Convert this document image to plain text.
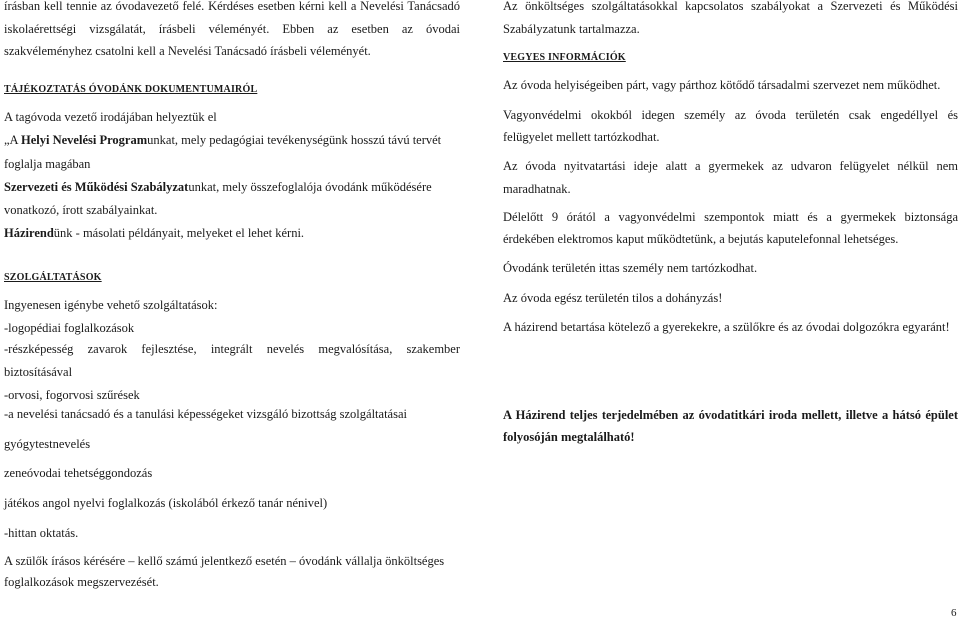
írásban kell tennie az óvodavezető felé. Kérdéses esetben kérni kell a Nevelési Tanácsadó
iskolaérettségi vizsgálatát, írásbeli véleményét. Ebben az esetben az óvodai
szakvéleményhez csatolni kell a Nevelési Tanácsadó írásbeli véleményét.
TÁJÉKOZTATÁS ÓVODÁNK DOKUMENTUMAIRÓL
A tagóvoda vezető irodájában helyeztük el
„A Helyi Nevelési Programunkat, mely pedagógiai tevékenységünk hosszú távú tervét
foglalja magában
Szervezeti és Működési Szabályzatunkat, mely összefoglalója óvodánk működésére
vonatkozó, írott szabályainkat.
Házirendünk - másolati példányait, melyeket el lehet kérni.
SZOLGÁLTATÁSOK
Ingyenesen igénybe vehető szolgáltatások:
-logopédiai foglalkozások
-részképesség zavarok fejlesztése, integrált nevelés megvalósítása, szakember
biztosításával
-orvosi, fogorvosi szűrések
-a nevelési tanácsadó és a tanulási képességeket vizsgáló bizottság szolgáltatásai
gyógytestnevelés
zeneóvodai tehetséggondozás
játékos angol nyelvi foglalkozás (iskolából érkező tanár nénivel)
-hittan oktatás.
A szülők írásos kérésére – kellő számú jelentkező esetén – óvodánk vállalja önköltséges
foglalkozások megszervezését.
Az önköltséges szolgáltatásokkal kapcsolatos szabályokat a Szervezeti és Működési
Szabályzatunk tartalmazza.
VEGYES INFORMÁCIÓK
Az óvoda helyiségeiben párt, vagy párthoz kötődő társadalmi szervezet nem működhet.
Vagyonvédelmi okokból idegen személy az óvoda területén csak engedéllyel és
felügyelet mellett tartózkodhat.
Az óvoda nyitvatartási ideje alatt a gyermekek az udvaron felügyelet nélkül nem
maradhatnak.
Délelőtt 9 órától a vagyonvédelmi szempontok miatt és a gyermekek biztonsága
érdekében elektromos kaput működtetünk, a bejutás kaputelefonnal lehetséges.
Óvodánk területén ittas személy nem tartózkodhat.
Az óvoda egész területén tilos a dohányzás!
A házirend betartása kötelező a gyerekekre, a szülőkre és az óvodai dolgozókra egyaránt!
A Házirend teljes terjedelmében az óvodatitkári iroda mellett, illetve a hátsó épület
folyosóján megtalálható!
6
